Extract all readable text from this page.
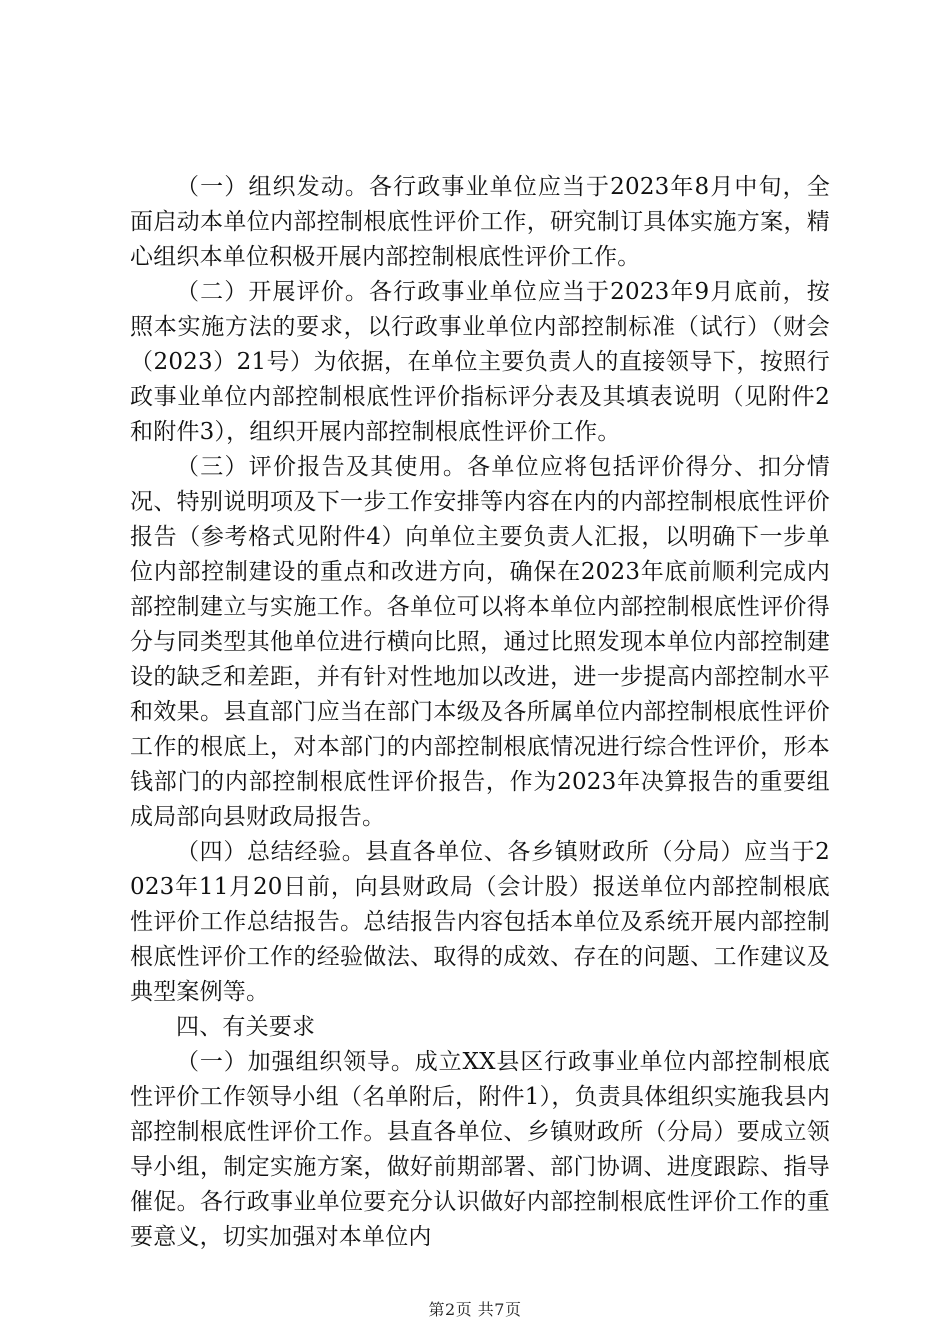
（一）组织发动。各行政事业单位应当于2023年8月中旬，全面启动本单位内部控制根底性评价工作，研究制订具体实施方案，精心组织本单位积极开展内部控制根底性评价工作。

（二）开展评价。各行政事业单位应当于2023年9月底前，按照本实施方法的要求，以行政事业单位内部控制标准（试行）（财会（2023）21号）为依据，在单位主要负责人的直接领导下，按照行政事业单位内部控制根底性评价指标评分表及其填表说明（见附件2和附件3），组织开展内部控制根底性评价工作。

（三）评价报告及其使用。各单位应将包括评价得分、扣分情况、特别说明项及下一步工作安排等内容在内的内部控制根底性评价报告（参考格式见附件4）向单位主要负责人汇报，以明确下一步单位内部控制建设的重点和改进方向，确保在2023年底前顺利完成内部控制建立与实施工作。各单位可以将本单位内部控制根底性评价得分与同类型其他单位进行横向比照，通过比照发现本单位内部控制建设的缺乏和差距，并有针对性地加以改进，进一步提高内部控制水平和效果。县直部门应当在部门本级及各所属单位内部控制根底性评价工作的根底上，对本部门的内部控制根底情况进行综合性评价，形本钱部门的内部控制根底性评价报告，作为2023年决算报告的重要组成局部向县财政局报告。

（四）总结经验。县直各单位、各乡镇财政所（分局）应当于2023年11月20日前，向县财政局（会计股）报送单位内部控制根底性评价工作总结报告。总结报告内容包括本单位及系统开展内部控制根底性评价工作的经验做法、取得的成效、存在的问题、工作建议及典型案例等。

四、有关要求

（一）加强组织领导。成立XX县区行政事业单位内部控制根底性评价工作领导小组（名单附后，附件1），负责具体组织实施我县内部控制根底性评价工作。县直各单位、乡镇财政所（分局）要成立领导小组，制定实施方案，做好前期部署、部门协调、进度跟踪、指导催促。各行政事业单位要充分认识做好内部控制根底性评价工作的重要意义，切实加强对本单位内

第2页 共7页
